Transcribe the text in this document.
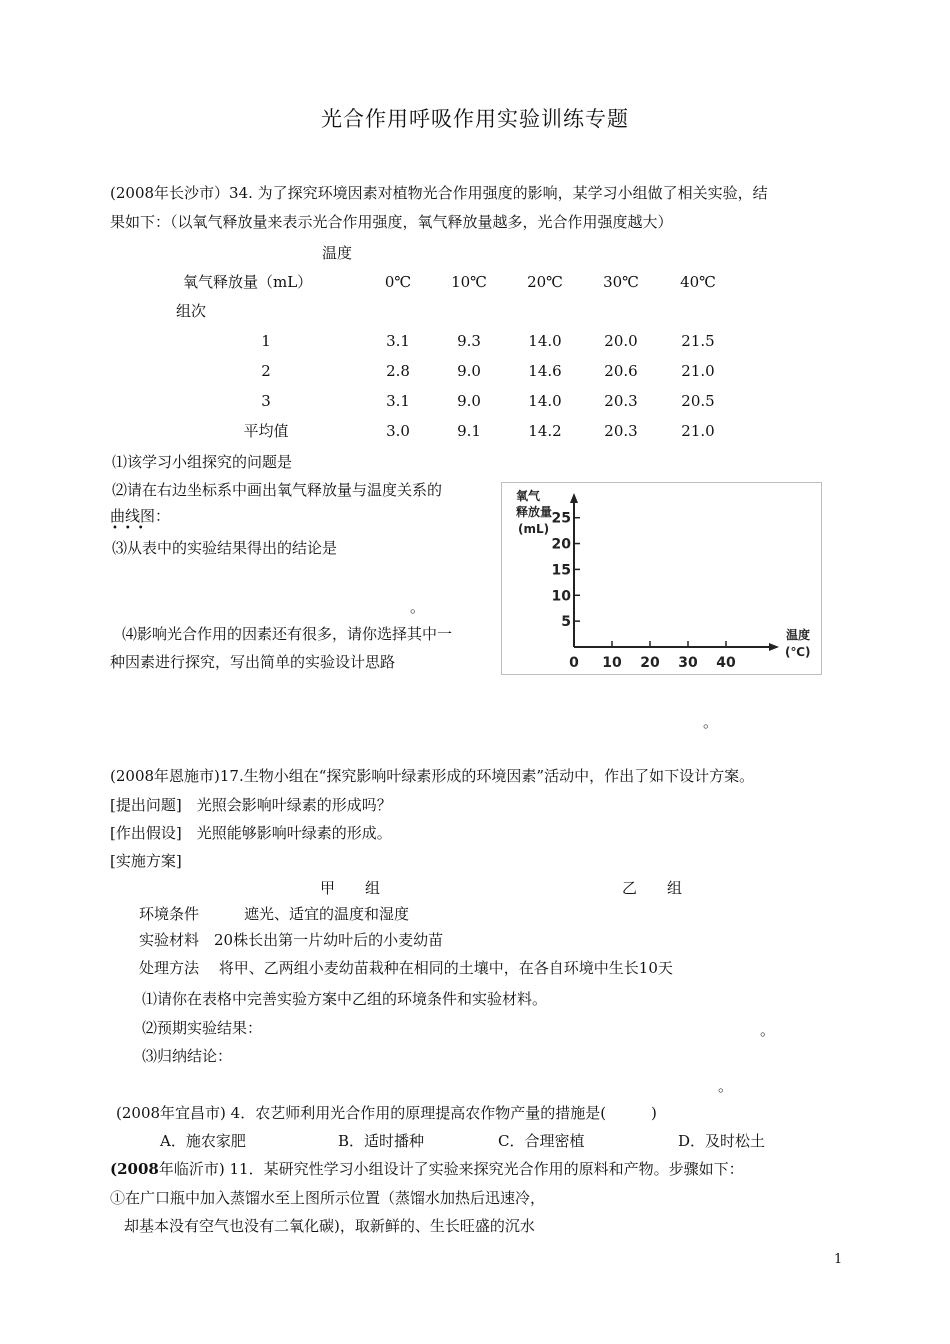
光合作用呼吸作用实验训练专题
(2008年长沙市）34. 为了探究环境因素对植物光合作用强度的影响，某学习小组做了相关实验，结
果如下：（以氧气释放量来表示光合作用强度，氧气释放量越多，光合作用强度越大）
温度
氧气释放量（mL）
组次
0℃	10℃	20℃	30℃	40℃
1	3.1	9.3	14.0	20.0	21.5
2	2.8	9.0	14.6	20.6	21.0
3	3.1	9.0	14.0	20.3	20.5
平均值	3.0	9.1	14.2	20.3	21.0
⑴该学习小组探究的问题是
⑵请在右边坐标系中画出氧气释放量与温度关系的
曲线图：
•••
⑶从表中的实验结果得出的结论是
。
⑷影响光合作用的因素还有很多，请你选择其中一
种因素进行探究，写出简单的实验设计思路
。
氧气 释放量 (mL)
温度 (℃)
5
10
15
20
25
0 10 20 30 40
(2008年恩施市)17.生物小组在“探究影响叶绿素形成的环境因素”活动中，作出了如下设计方案。
[提出问题]　光照会影响叶绿素的形成吗？
[作出假设]　光照能够影响叶绿素的形成。
[实施方案]
甲　　组	乙　　组
环境条件　　　遮光、适宜的温度和湿度
实验材料　20株长出第一片幼叶后的小麦幼苗
处理方法　 将甲、乙两组小麦幼苗栽种在相同的土壤中，在各自环境中生长10天
⑴请你在表格中完善实验方案中乙组的环境条件和实验材料。
⑵预期实验结果：	。
⑶归纳结论：
。
(2008年宜昌市) 4．农艺师利用光合作用的原理提高农作物产量的措施是(　　　)
A．施农家肥	B．适时播种	C．合理密植	D．及时松土
(2008年临沂市) 11．某研究性学习小组设计了实验来探究光合作用的原料和产物。步骤如下：
①在广口瓶中加入蒸馏水至上图所示位置（蒸馏水加热后迅速冷，
却基本没有空气也没有二氧化碳)，取新鲜的、生长旺盛的沉水
1
